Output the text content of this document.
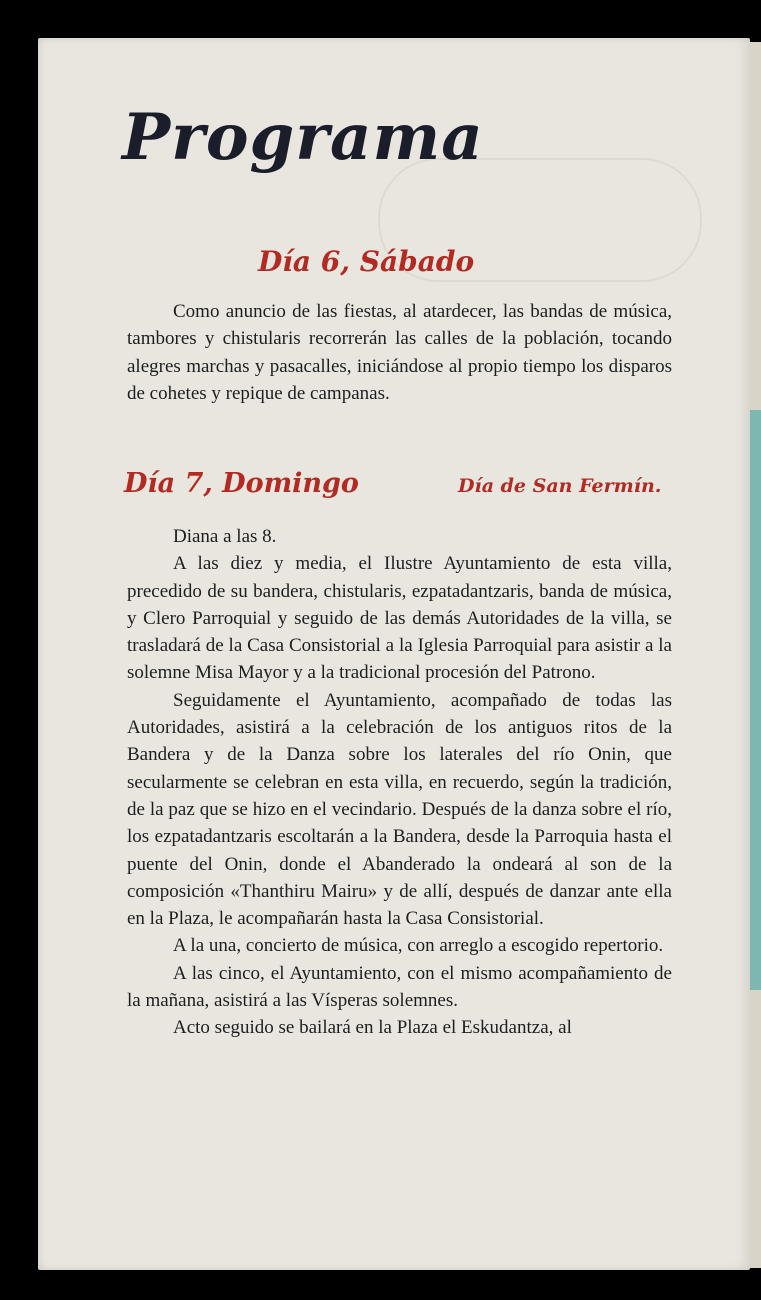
Programa
Día 6, Sábado

Como anuncio de las fiestas, al atardecer, las bandas de música, tambores y chistularis recorrerán las calles de la población, tocando alegres marchas y pasacalles, iniciándose al propio tiempo los disparos de cohetes y repique de campanas.

Día 7, Domingo	Día de San Fermín.

Diana a las 8.

A las diez y media, el Ilustre Ayuntamiento de esta villa, precedido de su bandera, chistularis, ezpatadantzaris, banda de música, y Clero Parroquial y seguido de las demás Autoridades de la villa, se trasladará de la Casa Consistorial a la Iglesia Parroquial para asistir a la solemne Misa Mayor y a la tradicional procesión del Patrono.

Seguidamente el Ayuntamiento, acompañado de todas las Autoridades, asistirá a la celebración de los antiguos ritos de la Bandera y de la Danza sobre los laterales del río Onin, que secularmente se celebran en esta villa, en recuerdo, según la tradición, de la paz que se hizo en el vecindario. Después de la danza sobre el río, los ezpatadantzaris escoltarán a la Bandera, desde la Parroquia hasta el puente del Onin, donde el Abanderado la ondeará al son de la composición «Thanthiru Mairu» y de allí, después de danzar ante ella en la Plaza, le acompañarán hasta la Casa Consistorial.

A la una, concierto de música, con arreglo a escogido repertorio.

A las cinco, el Ayuntamiento, con el mismo acompañamiento de la mañana, asistirá a las Vísperas solemnes.

Acto seguido se bailará en la Plaza el Eskudantza, al
